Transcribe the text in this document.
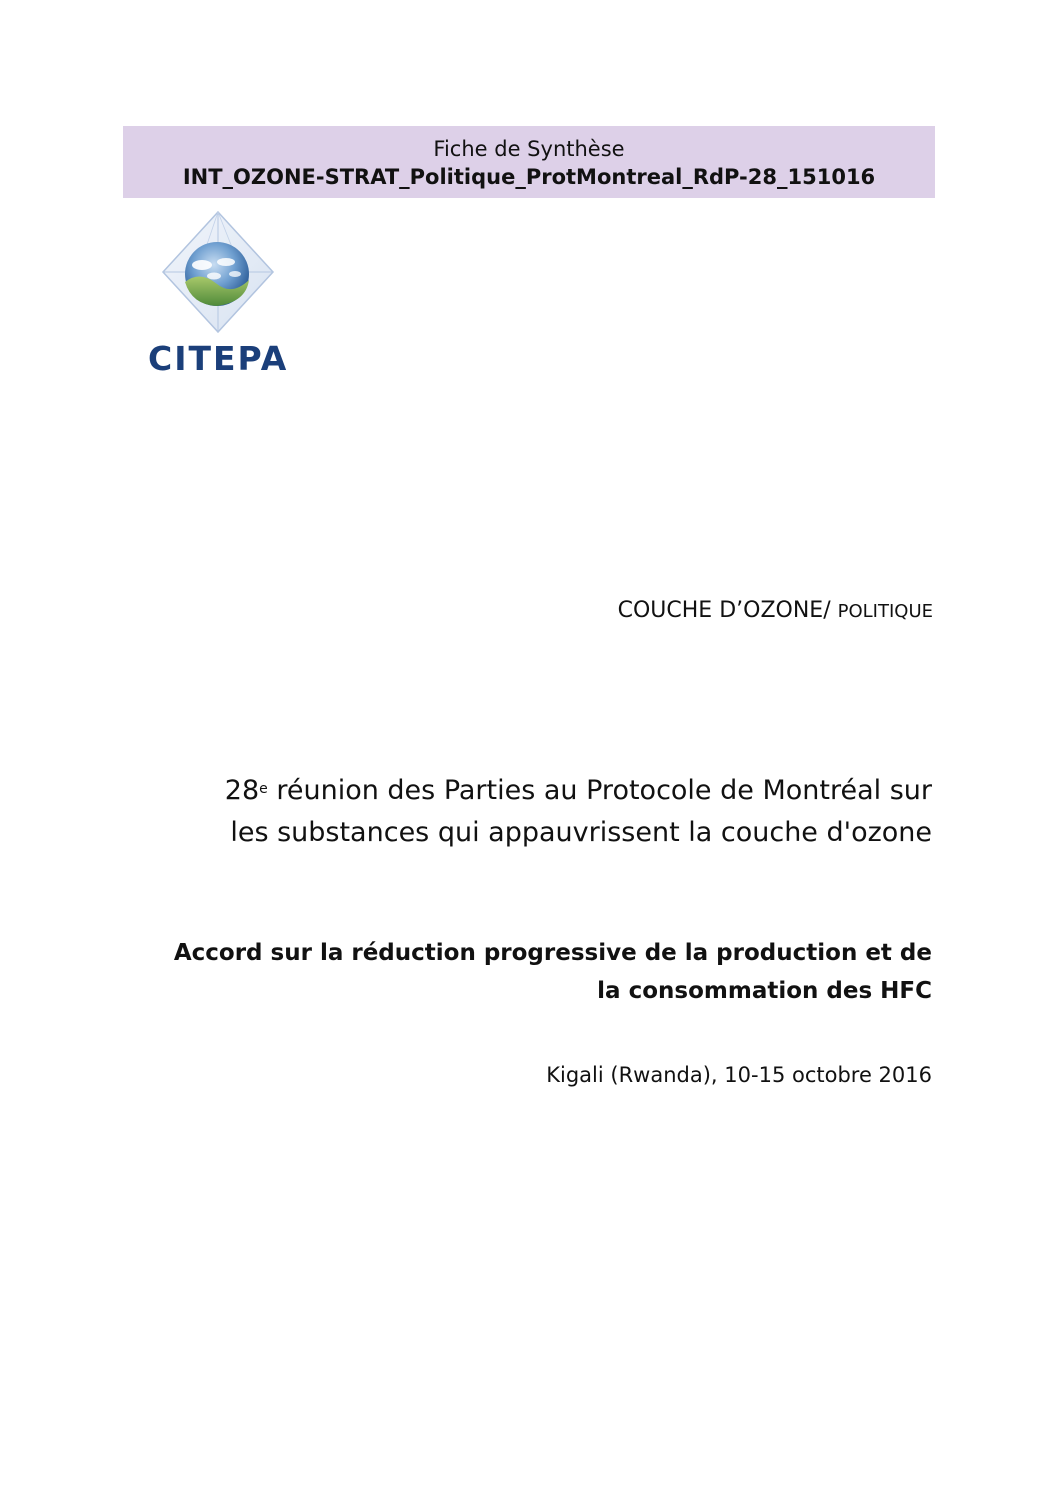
Fiche de Synthèse
INT_OZONE-STRAT_Politique_ProtMontreal_RdP-28_151016
CITEPA
COUCHE D’OZONE/ POLITIQUE
28e réunion des Parties au Protocole de Montréal sur
les substances qui appauvrissent la couche d'ozone
Accord sur la réduction progressive de la production et de
la consommation des HFC
Kigali (Rwanda), 10-15 octobre 2016
